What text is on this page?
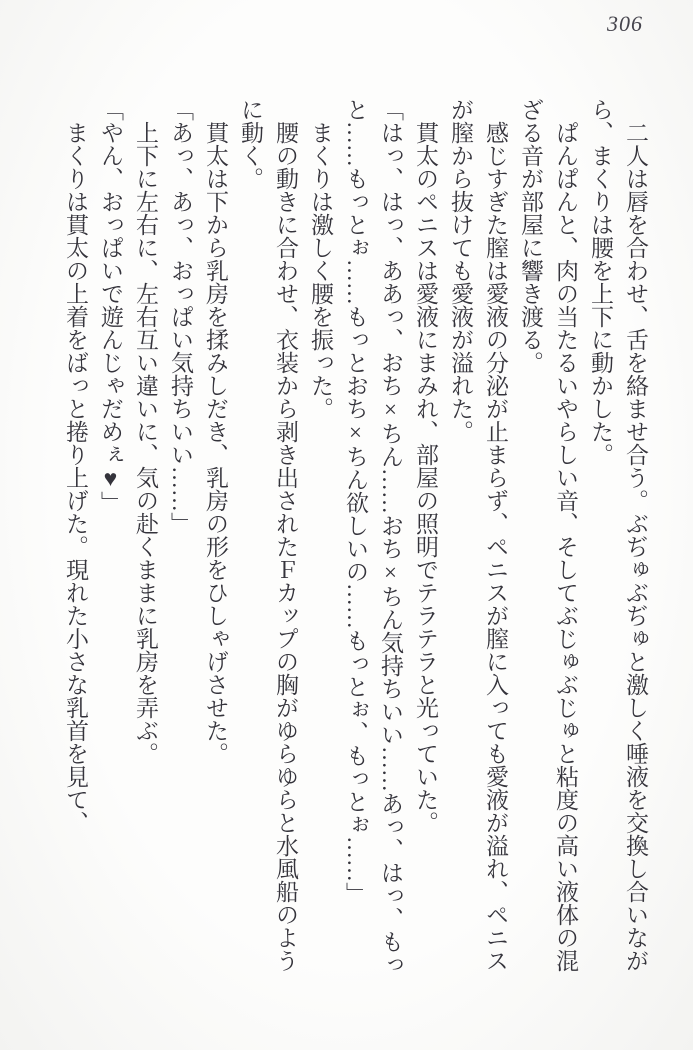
306

　二人は唇を合わせ、舌を絡ませ合う。ぶぢゅぶぢゅと激しく唾液を交換し合いなが

ら、まくりは腰を上下に動かした。

　ぱんぱんと、肉の当たるいやらしい音、そしてぶじゅぶじゅと粘度の高い液体の混

ざる音が部屋に響き渡る。

　感じすぎた膣は愛液の分泌が止まらず、ペニスが膣に入っても愛液が溢れ、ペニス

が膣から抜けても愛液が溢れた。

　貫太のペニスは愛液にまみれ、部屋の照明でテラテラと光っていた。

「はっ、はっ、ああっ、おち×ちん……おち×ちん気持ちいい……あっ、はっ、もっ

と……もっとぉ……もっとおち×ちん欲しいの……もっとぉ、もっとぉ……」

　まくりは激しく腰を振った。

　腰の動きに合わせ、衣装から剥き出されたＦカップの胸がゆらゆらと水風船のよう

に動く。

　貫太は下から乳房を揉みしだき、乳房の形をひしゃげさせた。

「あっ、あっ、おっぱい気持ちいい……」

　上下に左右に、左右互い違いに、気の赴くままに乳房を弄ぶ。

「やん、おっぱいで遊んじゃだめぇ♥」

　まくりは貫太の上着をばっと捲り上げた。現れた小さな乳首を見て、
